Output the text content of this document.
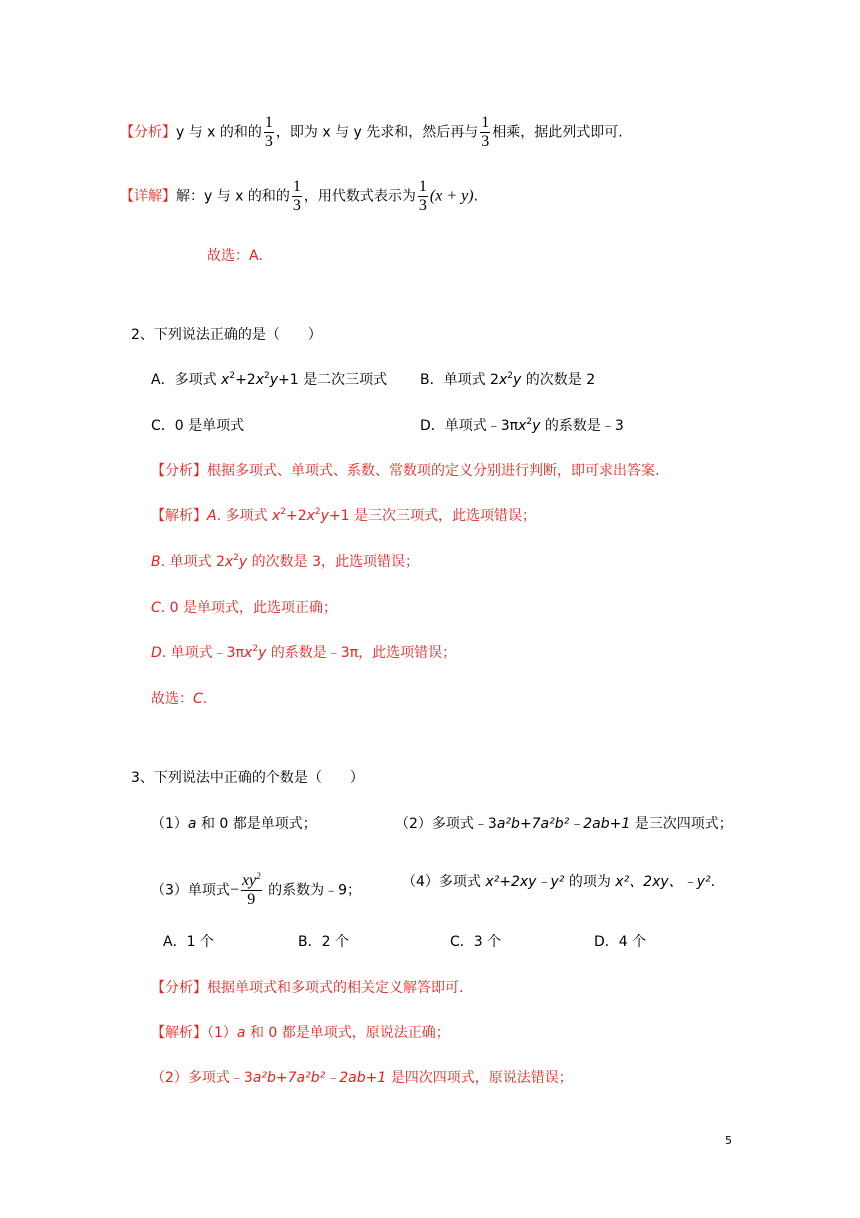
【分析】y 与 x 的和的 $\frac{1}{3}$ ，即为 x 与 y 先求和，然后再与 $\frac{1}{3}$ 相乘，据此列式即可.
【详解】解：y 与 x 的和的 $\frac{1}{3}$ ，用代数式表示为 $\frac{1}{3} (x + y)$.
故选：A.
2、下列说法正确的是（　　）
A．多项式 $x^2+2x^2y+1$ 是二次三项式 B．单项式 $2x^2y$ 的次数是 2
C．0 是单项式	D．单项式$﹣3\pi x^2y$ 的系数是﹣3
【分析】根据多项式、单项式、系数、常数项的定义分别进行判断，即可求出答案.
【解析】A. 多项式 $x^2+2x^2y+1$ 是三次三项式，此选项错误；
B. 单项式 $2x^2y$ 的次数是 3，此选项错误；
C. 0 是单项式，此选项正确；
D. 单项式$﹣3\pi x^2y$ 的系数是﹣3π，此选项错误；
故选：C.
3、下列说法中正确的个数是（　　）
（1）a 和 0 都是单项式；	（2）多项式﹣3a²b+7a²b²﹣2ab+1 是三次四项式；
（3）单项式− $\frac{xy^2}{9}$ 的系数为﹣9；
（4）多项式 x²+2xy﹣y² 的项为 x²、2xy、﹣y².
A．1 个	B．2 个	C．3 个	D．4 个
【分析】根据单项式和多项式的相关定义解答即可.
【解析】（1）a 和 0 都是单项式，原说法正确；
（2）多项式﹣3a²b+7a²b²﹣2ab+1 是四次四项式，原说法错误；
5
